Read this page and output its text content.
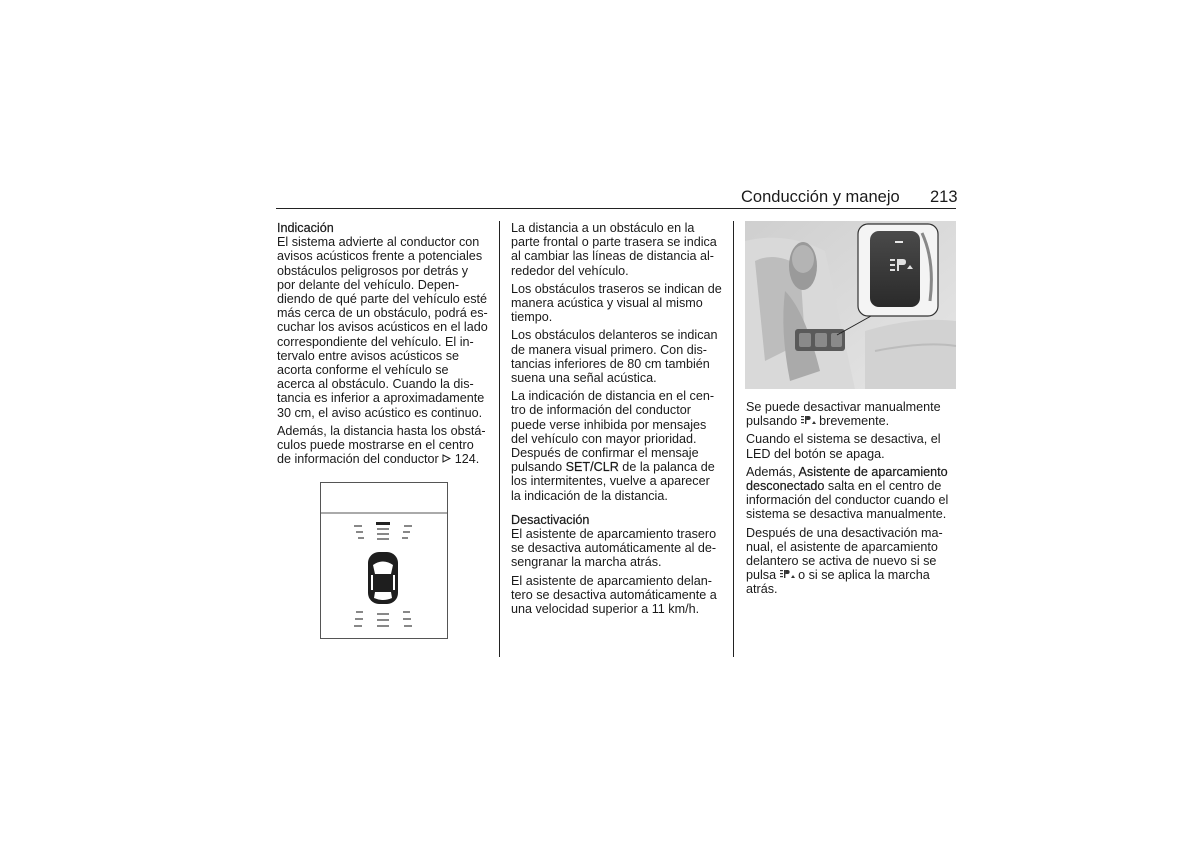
Conducción y manejo 213
Indicación

El sistema advierte al conductor con
avisos acústicos frente a potenciales
obstáculos peligrosos por detrás y
por delante del vehículo. Depen-
diendo de qué parte del vehículo esté
más cerca de un obstáculo, podrá es-
cuchar los avisos acústicos en el lado
correspondiente del vehículo. El in-
tervalo entre avisos acústicos se
acorta conforme el vehículo se
acerca al obstáculo. Cuando la dis-
tancia es inferior a aproximadamente
30 cm, el aviso acústico es continuo.

Además, la distancia hasta los obstá-
culos puede mostrarse en el centro
de información del conductor  124.

La distancia a un obstáculo en la
parte frontal o parte trasera se indica
al cambiar las líneas de distancia al-
rededor del vehículo.

Los obstáculos traseros se indican de
manera acústica y visual al mismo
tiempo.

Los obstáculos delanteros se indican
de manera visual primero. Con dis-
tancias inferiores de 80 cm también
suena una señal acústica.

La indicación de distancia en el cen-
tro de información del conductor
puede verse inhibida por mensajes
del vehículo con mayor prioridad.
Después de confirmar el mensaje
pulsando SET/CLR de la palanca de
los intermitentes, vuelve a aparecer
la indicación de la distancia.

Desactivación

El asistente de aparcamiento trasero
se desactiva automáticamente al de-
sengranar la marcha atrás.

El asistente de aparcamiento delan-
tero se desactiva automáticamente a
una velocidad superior a 11 km/h.

Se puede desactivar manualmente
pulsando  brevemente.

Cuando el sistema se desactiva, el
LED del botón se apaga.

Además, Asistente de aparcamiento
desconectado salta en el centro de
información del conductor cuando el
sistema se desactiva manualmente.

Después de una desactivación ma-
nual, el asistente de aparcamiento
delantero se activa de nuevo si se
pulsa  o si se aplica la marcha
atrás.
